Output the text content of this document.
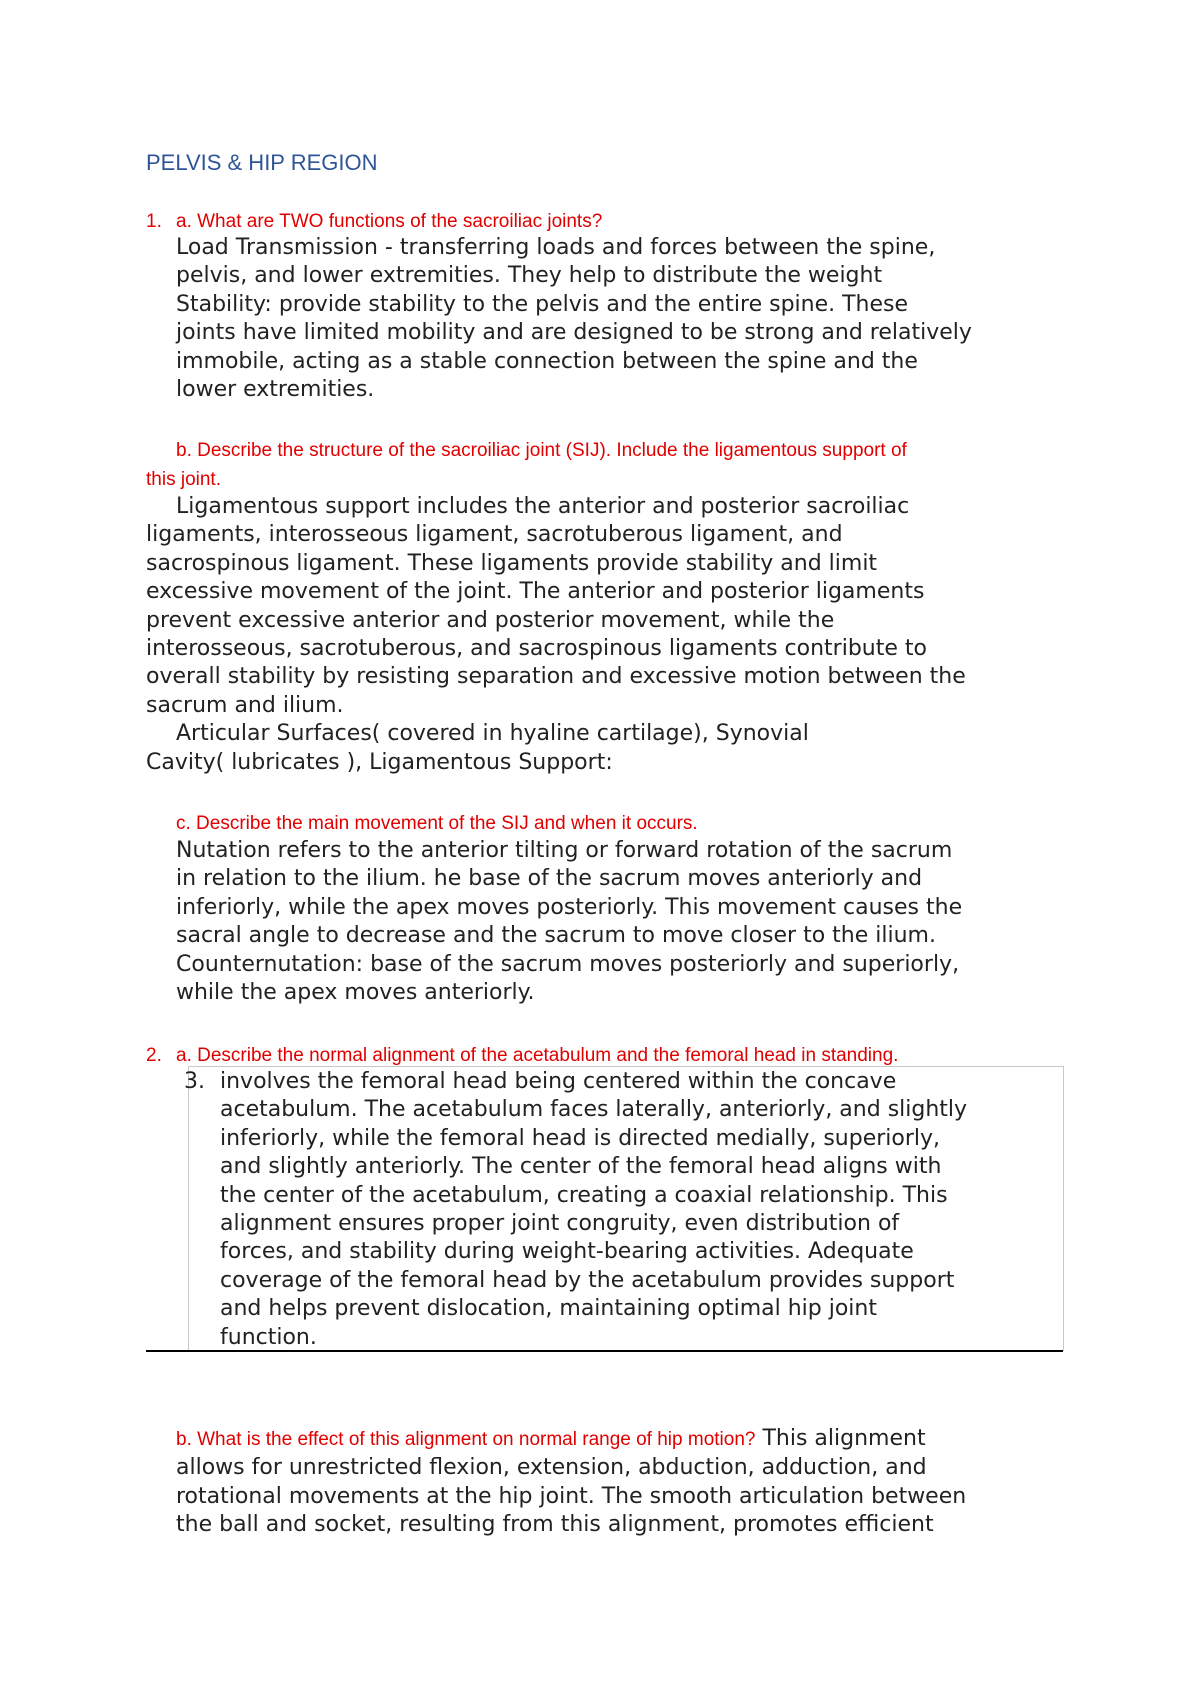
PELVIS & HIP REGION
1. a. What are TWO functions of the sacroiliac joints?
Load Transmission - transferring loads and forces between the spine,
pelvis, and lower extremities. They help to distribute the weight
Stability: provide stability to the pelvis and the entire spine. These
joints have limited mobility and are designed to be strong and relatively
immobile, acting as a stable connection between the spine and the
lower extremities.
b. Describe the structure of the sacroiliac joint (SIJ). Include the ligamentous support of
this joint.
Ligamentous support includes the anterior and posterior sacroiliac
ligaments, interosseous ligament, sacrotuberous ligament, and
sacrospinous ligament. These ligaments provide stability and limit
excessive movement of the joint. The anterior and posterior ligaments
prevent excessive anterior and posterior movement, while the
interosseous, sacrotuberous, and sacrospinous ligaments contribute to
overall stability by resisting separation and excessive motion between the
sacrum and ilium.
Articular Surfaces( covered in hyaline cartilage), Synovial
Cavity( lubricates ), Ligamentous Support:
c. Describe the main movement of the SIJ and when it occurs.
Nutation refers to the anterior tilting or forward rotation of the sacrum
in relation to the ilium. he base of the sacrum moves anteriorly and
inferiorly, while the apex moves posteriorly. This movement causes the
sacral angle to decrease and the sacrum to move closer to the ilium.
Counternutation: base of the sacrum moves posteriorly and superiorly,
while the apex moves anteriorly.
2. a. Describe the normal alignment of the acetabulum and the femoral head in standing.
3. involves the femoral head being centered within the concave
acetabulum. The acetabulum faces laterally, anteriorly, and slightly
inferiorly, while the femoral head is directed medially, superiorly,
and slightly anteriorly. The center of the femoral head aligns with
the center of the acetabulum, creating a coaxial relationship. This
alignment ensures proper joint congruity, even distribution of
forces, and stability during weight-bearing activities. Adequate
coverage of the femoral head by the acetabulum provides support
and helps prevent dislocation, maintaining optimal hip joint
function.
b. What is the effect of this alignment on normal range of hip motion? This alignment
allows for unrestricted flexion, extension, abduction, adduction, and
rotational movements at the hip joint. The smooth articulation between
the ball and socket, resulting from this alignment, promotes efficient
